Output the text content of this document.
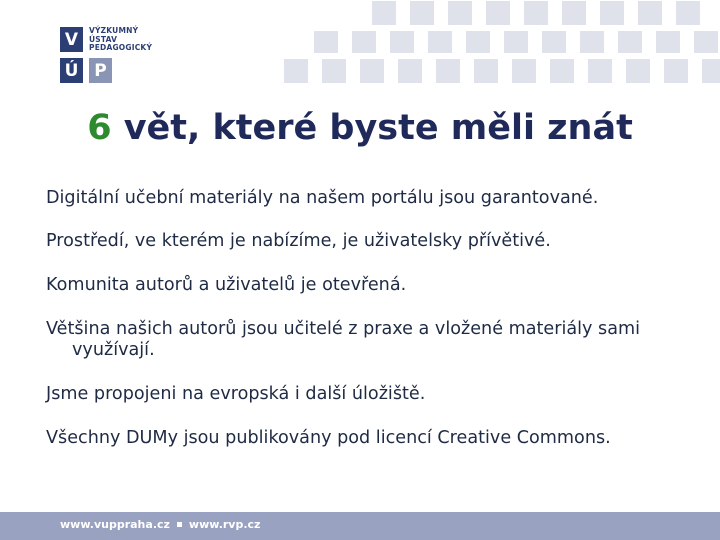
V
Ú P
VÝZKUMNÝ
ÚSTAV
PEDAGOGICKÝ
6 vět, které byste měli znát
Digitální učební materiály na našem portálu jsou garantované.
Prostředí, ve kterém je nabízíme, je uživatelsky přívětivé.
Komunita autorů a uživatelů je otevřená.
Většina našich autorů jsou učitelé z praxe a vložené materiály sami využívají.
Jsme propojeni na evropská i další úložiště.
Všechny DUMy jsou publikovány pod licencí Creative Commons.
www.vuppraha.cz www.rvp.cz
